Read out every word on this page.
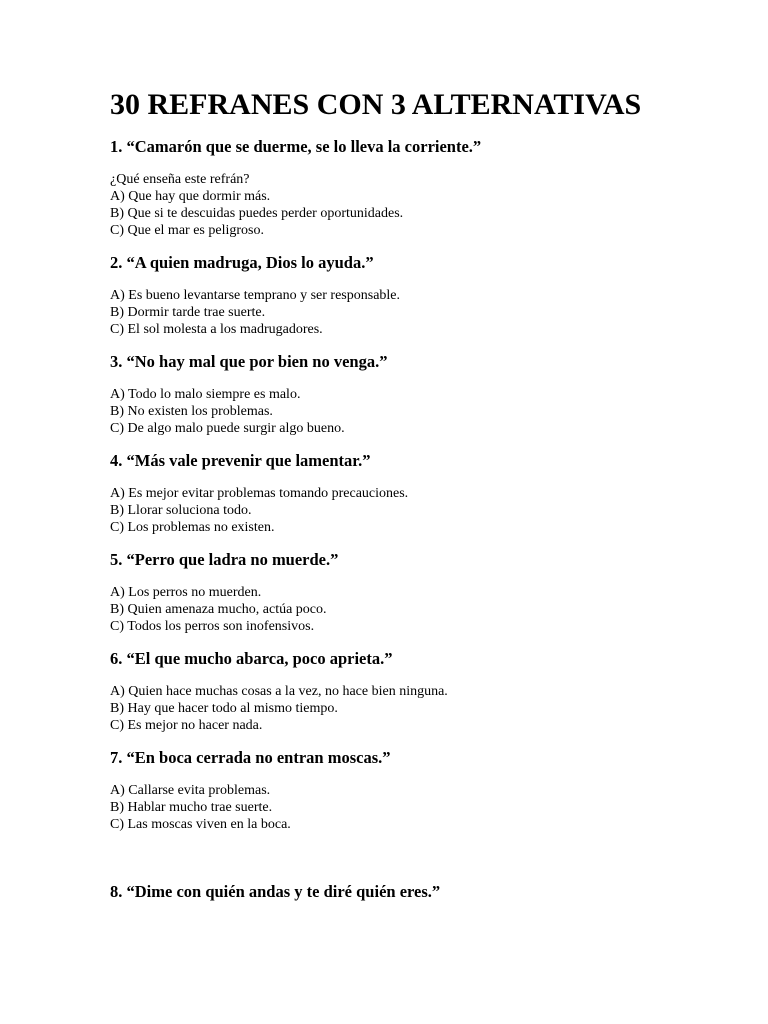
30 REFRANES CON 3 ALTERNATIVAS

1. “Camarón que se duerme, se lo lleva la corriente.”

¿Qué enseña este refrán?

A) Que hay que dormir más.

B) Que si te descuidas puedes perder oportunidades.

C) Que el mar es peligroso.

2. “A quien madruga, Dios lo ayuda.”

A) Es bueno levantarse temprano y ser responsable.

B) Dormir tarde trae suerte.

C) El sol molesta a los madrugadores.

3. “No hay mal que por bien no venga.”

A) Todo lo malo siempre es malo.

B) No existen los problemas.

C) De algo malo puede surgir algo bueno.

4. “Más vale prevenir que lamentar.”

A) Es mejor evitar problemas tomando precauciones.

B) Llorar soluciona todo.

C) Los problemas no existen.

5. “Perro que ladra no muerde.”

A) Los perros no muerden.

B) Quien amenaza mucho, actúa poco.

C) Todos los perros son inofensivos.

6. “El que mucho abarca, poco aprieta.”

A) Quien hace muchas cosas a la vez, no hace bien ninguna.

B) Hay que hacer todo al mismo tiempo.

C) Es mejor no hacer nada.

7. “En boca cerrada no entran moscas.”

A) Callarse evita problemas.

B) Hablar mucho trae suerte.

C) Las moscas viven en la boca.

8. “Dime con quién andas y te diré quién eres.”
